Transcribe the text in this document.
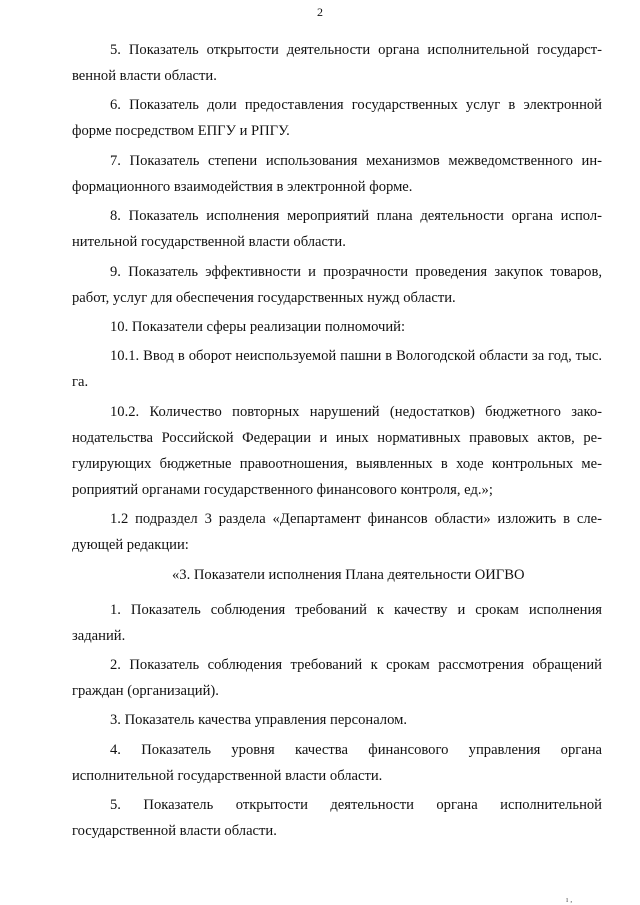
2

5. Показатель открытости деятельности органа исполнительной государст-венной власти области.

6. Показатель доли предоставления государственных услуг в электронной форме посредством ЕПГУ и РПГУ.

7. Показатель степени использования механизмов межведомственного ин-формационного взаимодействия в электронной форме.

8. Показатель исполнения мероприятий плана деятельности органа испол-нительной государственной власти области.

9. Показатель эффективности и прозрачности проведения закупок товаров, работ, услуг для обеспечения государственных нужд области.

10. Показатели сферы реализации полномочий:

10.1. Ввод в оборот неиспользуемой пашни в Вологодской области за год, тыс. га.

10.2. Количество повторных нарушений (недостатков) бюджетного зако-нодательства Российской Федерации и иных нормативных правовых актов, ре-гулирующих бюджетные правоотношения, выявленных в ходе контрольных ме-роприятий органами государственного финансового контроля, ед.»;

1.2 подраздел 3 раздела «Департамент финансов области» изложить в сле-дующей редакции:

«3. Показатели исполнения Плана деятельности ОИГВО

1. Показатель соблюдения требований к качеству и срокам исполнения заданий.

2. Показатель соблюдения требований к срокам рассмотрения обращений граждан (организаций).

3. Показатель качества управления персоналом.

4. Показатель уровня качества финансового управления органа исполнительной государственной власти области.

5. Показатель открытости деятельности органа исполнительной государственной власти области.

ı ,
